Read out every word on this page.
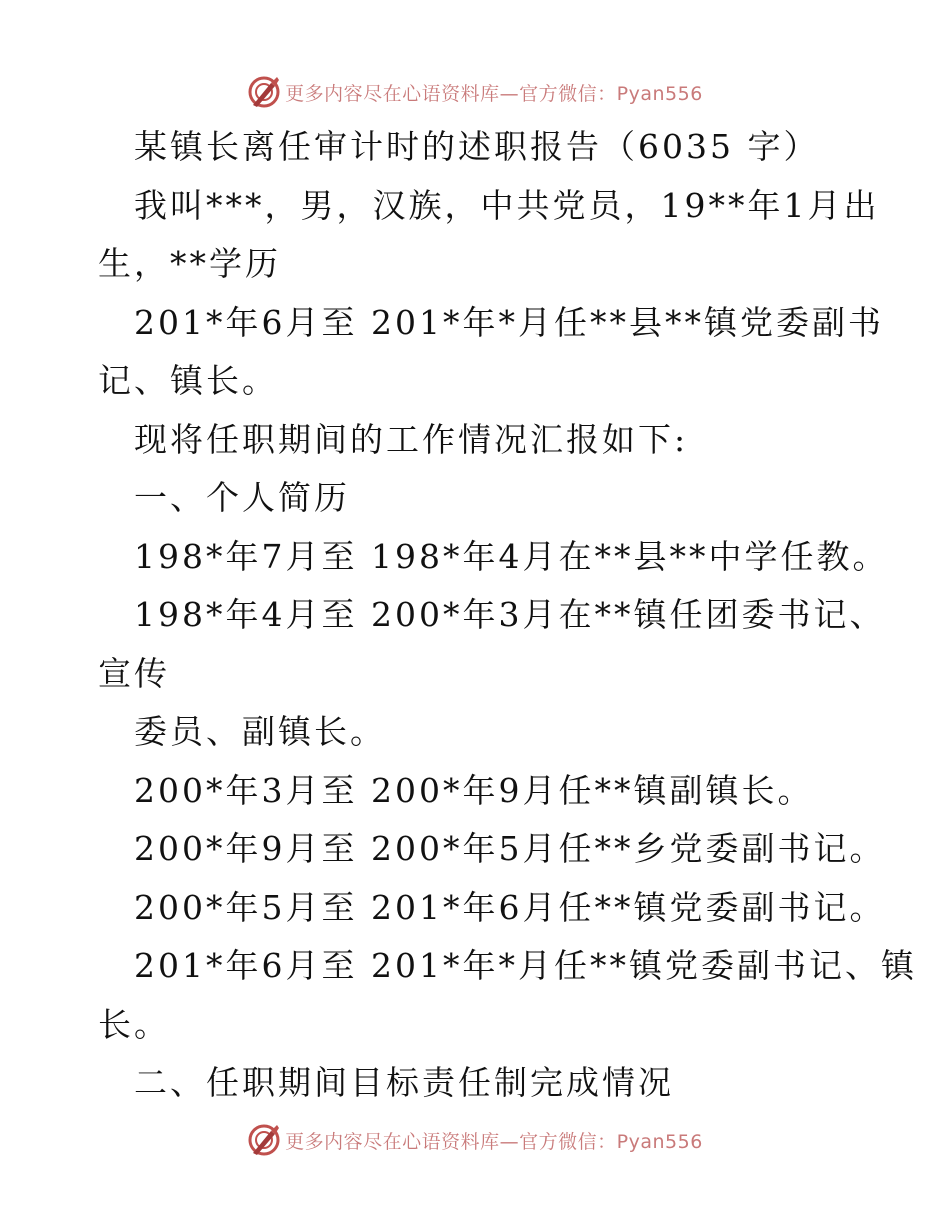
更多内容尽在心语资料库—官方微信：Pyan556

某镇长离任审计时的述职报告（6035 字）

我叫***，男，汉族，中共党员，19**年1月出

生，**学历

201*年6月至 201*年*月任**县**镇党委副书

记、镇长。

现将任职期间的工作情况汇报如下:

一、个人简历

198*年7月至 198*年4月在**县**中学任教。

198*年4月至 200*年3月在**镇任团委书记、

宣传

委员、副镇长。

200*年3月至 200*年9月任**镇副镇长。

200*年9月至 200*年5月任**乡党委副书记。

200*年5月至 201*年6月任**镇党委副书记。

201*年6月至 201*年*月任**镇党委副书记、镇

长。

二、任职期间目标责任制完成情况

更多内容尽在心语资料库—官方微信：Pyan556
